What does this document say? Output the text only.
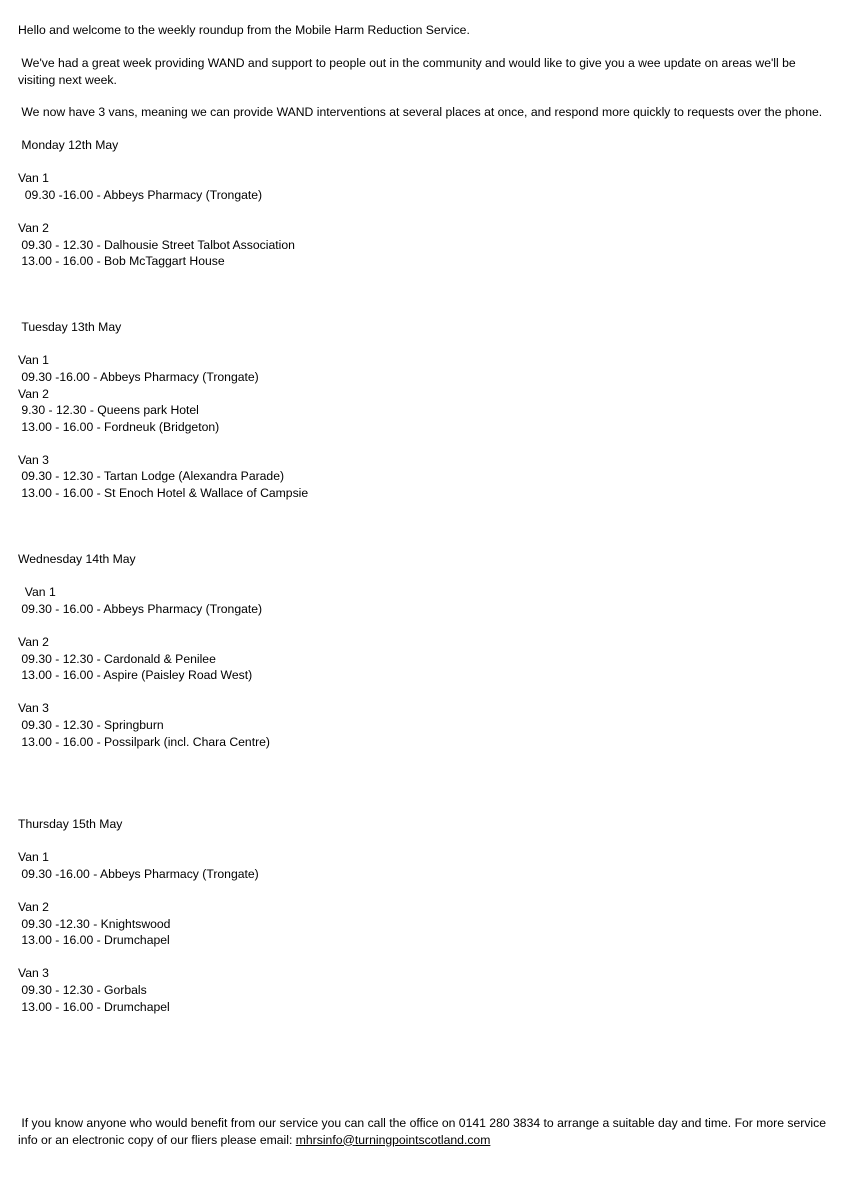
Hello and welcome to the weekly roundup from the Mobile Harm Reduction Service.

We've had a great week providing WAND and support to people out in the community and would like to give you a wee update on areas we'll be visiting next week.

We now have 3 vans, meaning we can provide WAND interventions at several places at once, and respond more quickly to requests over the phone.

Monday 12th May

Van 1

09.30 -16.00 - Abbeys Pharmacy (Trongate)

Van 2

09.30 - 12.30 - Dalhousie Street Talbot Association

13.00 - 16.00 - Bob McTaggart House

Tuesday 13th May

Van 1

09.30 -16.00 - Abbeys Pharmacy (Trongate)

Van 2

9.30 - 12.30 - Queens park Hotel

13.00 - 16.00 - Fordneuk (Bridgeton)

Van 3

09.30 - 12.30 - Tartan Lodge (Alexandra Parade)

13.00 - 16.00 - St Enoch Hotel & Wallace of Campsie

Wednesday 14th May

Van 1

09.30 - 16.00 - Abbeys Pharmacy (Trongate)

Van 2

09.30 - 12.30 - Cardonald & Penilee

13.00 - 16.00 - Aspire (Paisley Road West)

Van 3

09.30 - 12.30 - Springburn

13.00 - 16.00 - Possilpark (incl. Chara Centre)

Thursday 15th May

Van 1

09.30 -16.00 - Abbeys Pharmacy (Trongate)

Van 2

09.30 -12.30 - Knightswood

13.00 - 16.00 - Drumchapel

Van 3

09.30 - 12.30 - Gorbals

13.00 - 16.00 - Drumchapel

If you know anyone who would benefit from our service you can call the office on 0141 280 3834 to arrange a suitable day and time. For more service info or an electronic copy of our fliers please email: mhrsinfo@turningpointscotland.com
